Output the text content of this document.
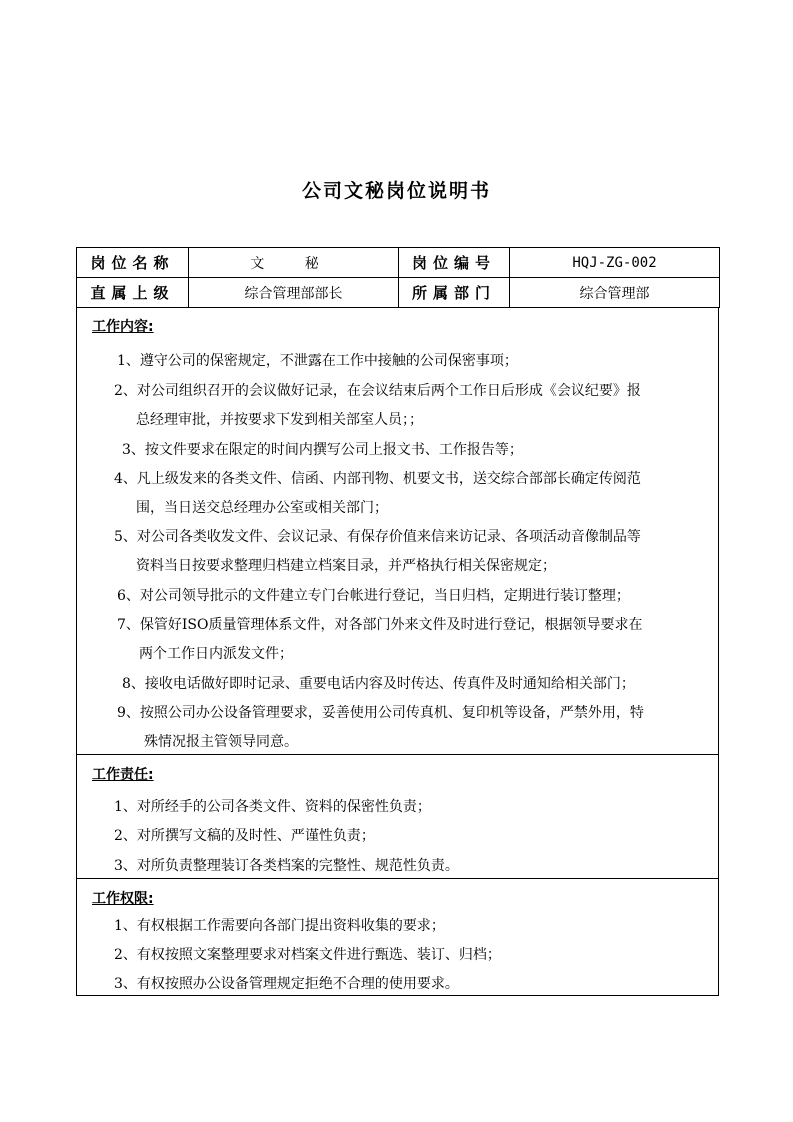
公司文秘岗位说明书
岗位名称	文 秘	岗位编号	HQJ-ZG-002
直属上级	综合管理部部长	所属部门	综合管理部
工作内容:
1、遵守公司的保密规定，不泄露在工作中接触的公司保密事项；
2、对公司组织召开的会议做好记录，在会议结束后两个工作日后形成《会议纪要》报
总经理审批，并按要求下发到相关部室人员；；
3、按文件要求在限定的时间内撰写公司上报文书、工作报告等；
4、凡上级发来的各类文件、信函、内部刊物、机要文书，送交综合部部长确定传阅范
围，当日送交总经理办公室或相关部门；
5、对公司各类收发文件、会议记录、有保存价值来信来访记录、各项活动音像制品等
资料当日按要求整理归档建立档案目录，并严格执行相关保密规定；
6、对公司领导批示的文件建立专门台帐进行登记，当日归档，定期进行装订整理；
7、保管好ISO质量管理体系文件，对各部门外来文件及时进行登记，根据领导要求在
两个工作日内派发文件；
8、接收电话做好即时记录、重要电话内容及时传达、传真件及时通知给相关部门；
9、按照公司办公设备管理要求，妥善使用公司传真机、复印机等设备，严禁外用，特
殊情况报主管领导同意。
工作责任:
1、对所经手的公司各类文件、资料的保密性负责；
2、对所撰写文稿的及时性、严谨性负责；
3、对所负责整理装订各类档案的完整性、规范性负责。
工作权限:
1、有权根据工作需要向各部门提出资料收集的要求；
2、有权按照文案整理要求对档案文件进行甄选、装订、归档；
3、有权按照办公设备管理规定拒绝不合理的使用要求。
